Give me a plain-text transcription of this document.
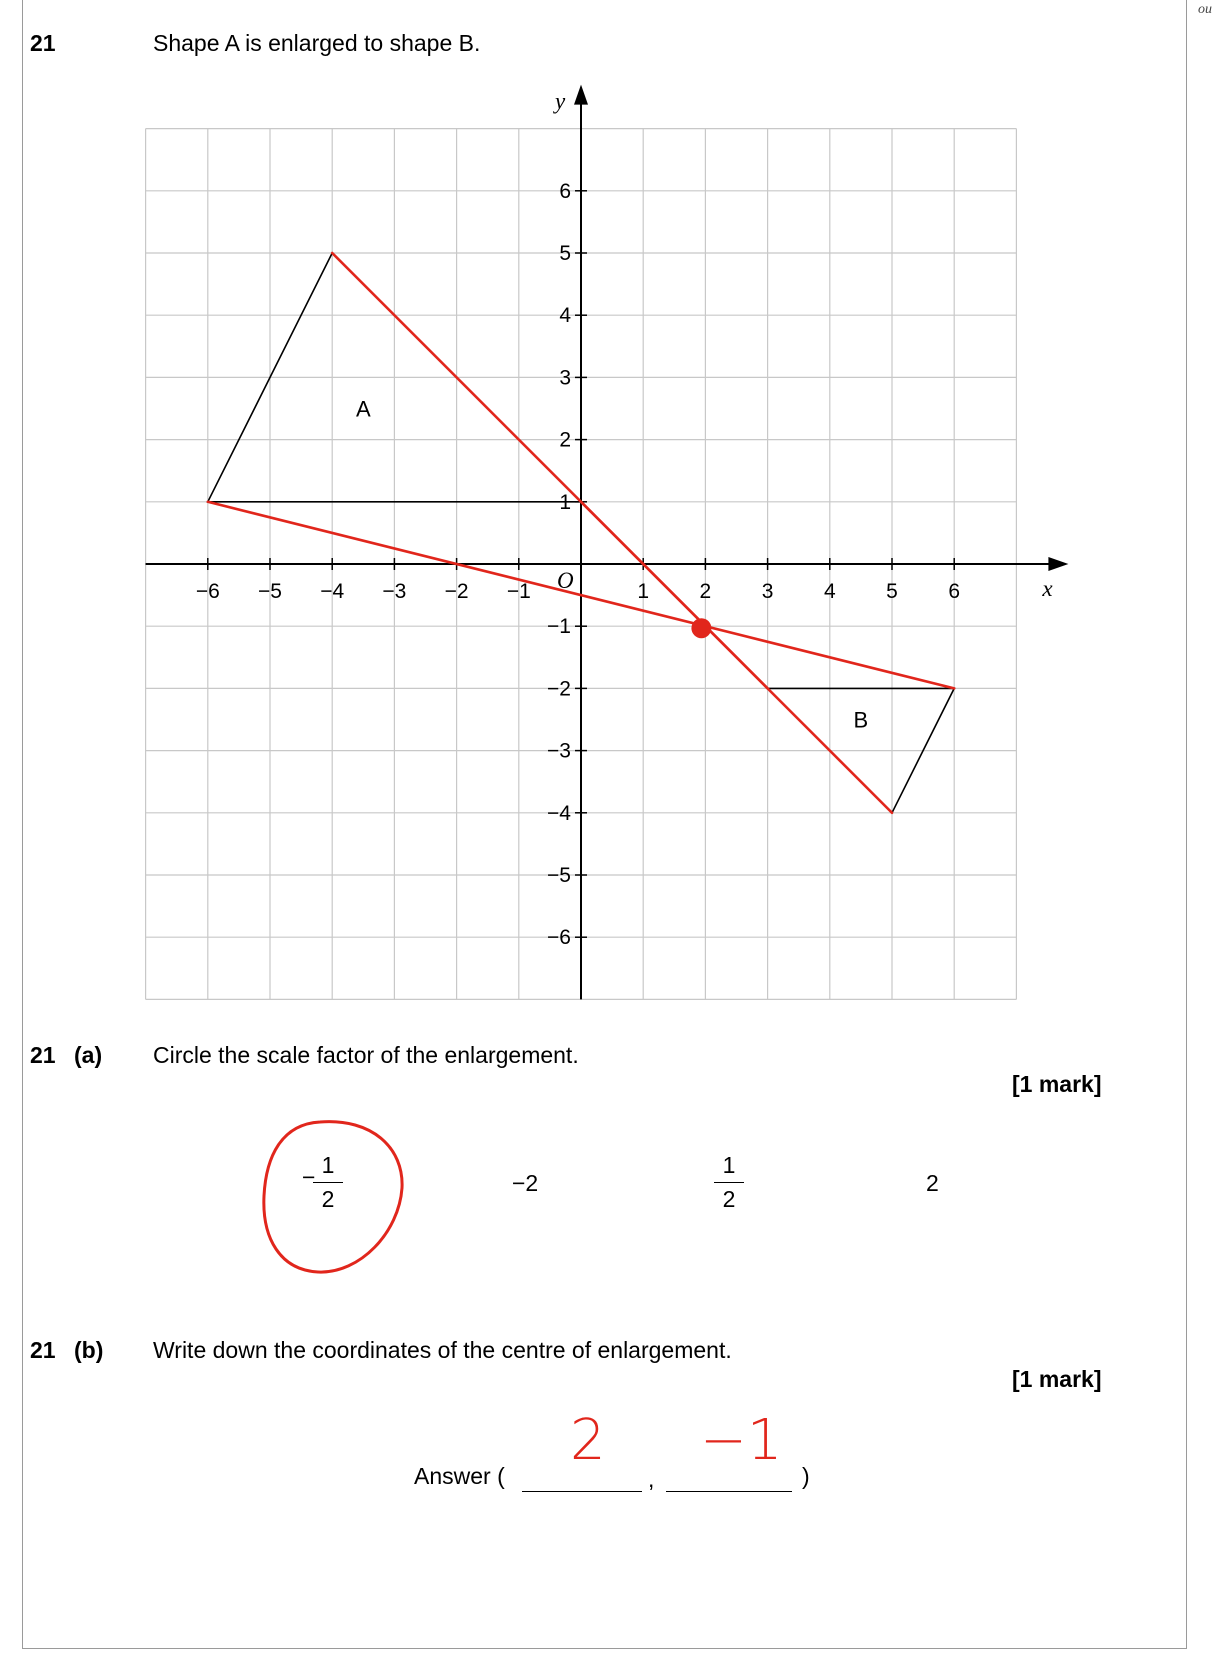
ou
21	Shape A is enlarged to shape B.
x
y
O
−6 −5 −4 −3 −2 −1	1 2 3 4 5 6
6
5
4
3
2
1
−1
−2
−3
−4
−5
−6
A
B
21 (a) Circle the scale factor of the enlargement.
[1 mark]
− 1
2
−2
1
2
2
21 (b) Write down the coordinates of the centre of enlargement.
[1 mark]
Answer (	,	)
2 −1
